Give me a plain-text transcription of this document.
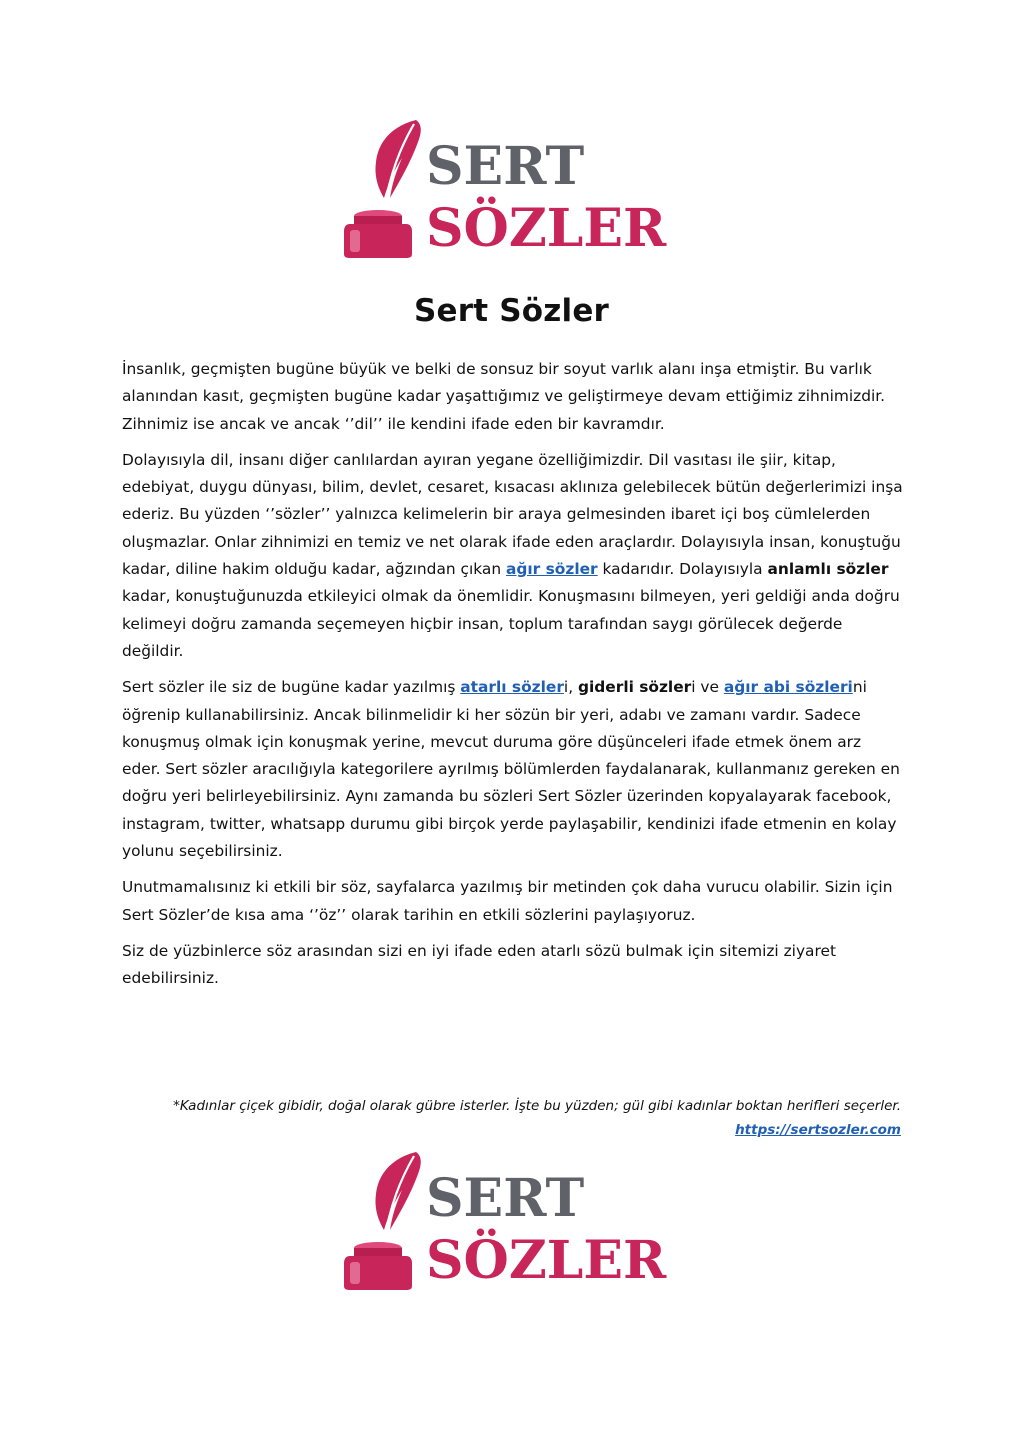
SERT
SÖZLER
Sert Sözler

İnsanlık, geçmişten bugüne büyük ve belki de sonsuz bir soyut varlık alanı inşa etmiştir. Bu varlık alanından kasıt, geçmişten bugüne kadar yaşattığımız ve geliştirmeye devam ettiğimiz zihnimizdir. Zihnimiz ise ancak ve ancak ‘’dil’’ ile kendini ifade eden bir kavramdır.

Dolayısıyla dil, insanı diğer canlılardan ayıran yegane özelliğimizdir. Dil vasıtası ile şiir, kitap, edebiyat, duygu dünyası, bilim, devlet, cesaret, kısacası aklınıza gelebilecek bütün değerlerimizi inşa ederiz. Bu yüzden ‘’sözler’’ yalnızca kelimelerin bir araya gelmesinden ibaret içi boş cümlelerden oluşmazlar. Onlar zihnimizi en temiz ve net olarak ifade eden araçlardır. Dolayısıyla insan, konuştuğu kadar, diline hakim olduğu kadar, ağzından çıkan ağır sözler kadarıdır. Dolayısıyla anlamlı sözler kadar, konuştuğunuzda etkileyici olmak da önemlidir. Konuşmasını bilmeyen, yeri geldiği anda doğru kelimeyi doğru zamanda seçemeyen hiçbir insan, toplum tarafından saygı görülecek değerde değildir.

Sert sözler ile siz de bugüne kadar yazılmış atarlı sözleri, giderli sözleri ve ağır abi sözlerini öğrenip kullanabilirsiniz. Ancak bilinmelidir ki her sözün bir yeri, adabı ve zamanı vardır. Sadece konuşmuş olmak için konuşmak yerine, mevcut duruma göre düşünceleri ifade etmek önem arz eder. Sert sözler aracılığıyla kategorilere ayrılmış bölümlerden faydalanarak, kullanmanız gereken en doğru yeri belirleyebilirsiniz. Aynı zamanda bu sözleri Sert Sözler üzerinden kopyalayarak facebook, instagram, twitter, whatsapp durumu gibi birçok yerde paylaşabilir, kendinizi ifade etmenin en kolay yolunu seçebilirsiniz.

Unutmamalısınız ki etkili bir söz, sayfalarca yazılmış bir metinden çok daha vurucu olabilir. Sizin için Sert Sözler’de kısa ama ‘’öz’’ olarak tarihin en etkili sözlerini paylaşıyoruz.

Siz de yüzbinlerce söz arasından sizi en iyi ifade eden atarlı sözü bulmak için sitemizi ziyaret edebilirsiniz.

*Kadınlar çiçek gibidir, doğal olarak gübre isterler. İşte bu yüzden; gül gibi kadınlar boktan herifleri seçerler.
https://sertsozler.com
SERT
SÖZLER
